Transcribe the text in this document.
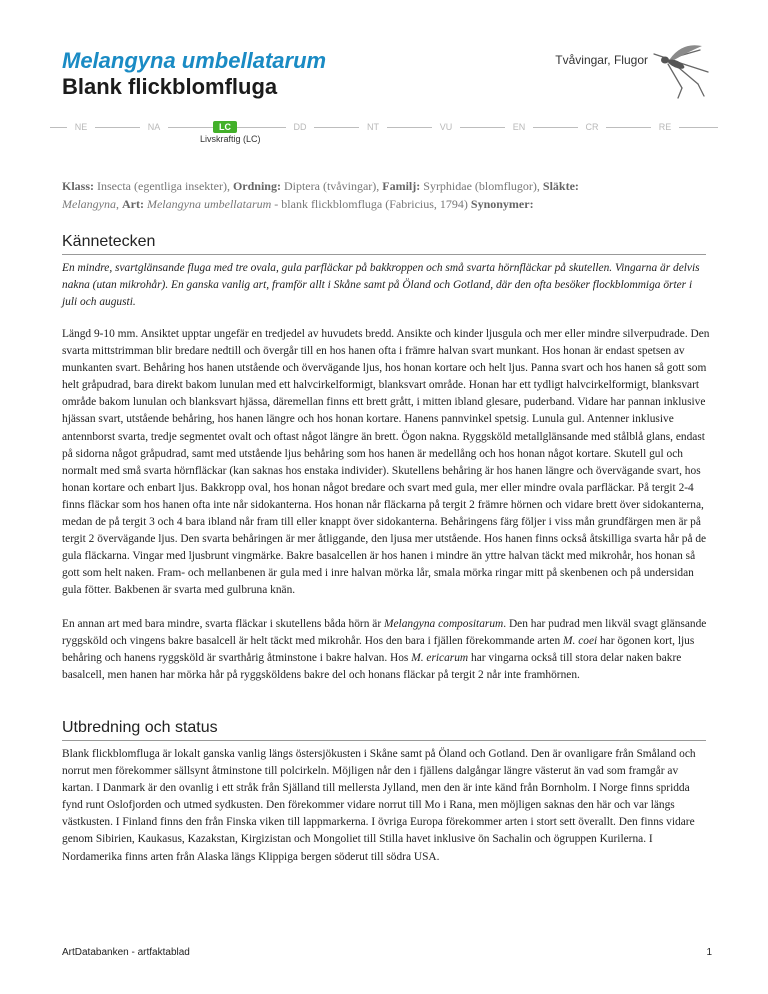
Melangyna umbellatarum
Blank flickblomfluga
Tvåvingar, Flugor
NE	NA	LC	DD	NT	VU	EN	CR	RE
Livskraftig (LC)
Klass: Insecta (egentliga insekter), Ordning: Diptera (tvåvingar), Familj: Syrphidae (blomflugor), Släkte:
Melangyna, Art: Melangyna umbellatarum - blank flickblomfluga (Fabricius, 1794) Synonymer:
Kännetecken
En mindre, svartglänsande fluga med tre ovala, gula parfläckar på bakkroppen och små svarta hörnfläckar på skutellen. Vingarna är delvis nakna (utan mikrohår). En ganska vanlig art, framför allt i Skåne samt på Öland och Gotland, där den ofta besöker flockblommiga örter i juli och augusti.
Längd 9-10 mm. Ansiktet upptar ungefär en tredjedel av huvudets bredd. Ansikte och kinder ljusgula och mer eller mindre silverpudrade. Den svarta mittstrimman blir bredare nedtill och övergår till en hos hanen ofta i främre halvan svart munkant. Hos honan är endast spetsen av munkanten svart. Behåring hos hanen utstående och övervägande ljus, hos honan kortare och helt ljus. Panna svart och hos hanen så gott som helt gråpudrad, bara direkt bakom lunulan med ett halvcirkelformigt, blanksvart område. Honan har ett tydligt halvcirkelformigt, blanksvart område bakom lunulan och blanksvart hjässa, däremellan finns ett brett grått, i mitten ibland glesare, puderband. Vidare har pannan inklusive hjässan svart, utstående behåring, hos hanen längre och hos honan kortare. Hanens pannvinkel spetsig. Lunula gul. Antenner inklusive antennborst svarta, tredje segmentet ovalt och oftast något längre än brett. Ögon nakna. Ryggsköld metallglänsande med stålblå glans, endast på sidorna något gråpudrad, samt med utstående ljus behåring som hos hanen är medellång och hos honan något kortare. Skutell gul och normalt med små svarta hörnfläckar (kan saknas hos enstaka individer). Skutellens behåring är hos hanen längre och övervägande svart, hos honan kortare och enbart ljus. Bakkropp oval, hos honan något bredare och svart med gula, mer eller mindre ovala parfläckar. På tergit 2-4 finns fläckar som hos hanen ofta inte når sidokanterna. Hos honan når fläckarna på tergit 2 främre hörnen och vidare brett över sidokanterna, medan de på tergit 3 och 4 bara ibland når fram till eller knappt över sidokanterna. Behåringens färg följer i viss mån grundfärgen men är på tergit 2 övervägande ljus. Den svarta behåringen är mer åtliggande, den ljusa mer utstående. Hos hanen finns också åtskilliga svarta hår på de gula fläckarna. Vingar med ljusbrunt vingmärke. Bakre basalcellen är hos hanen i mindre än yttre halvan täckt med mikrohår, hos honan så gott som helt naken. Fram- och mellanbenen är gula med i inre halvan mörka lår, smala mörka ringar mitt på skenbenen och på undersidan gula fötter. Bakbenen är svarta med gulbruna knän.
En annan art med bara mindre, svarta fläckar i skutellens båda hörn är Melangyna compositarum. Den har pudrad men likväl svagt glänsande ryggsköld och vingens bakre basalcell är helt täckt med mikrohår. Hos den bara i fjällen förekommande arten M. coei har ögonen kort, ljus behåring och hanens ryggsköld är svarthårig åtminstone i bakre halvan. Hos M. ericarum har vingarna också till stora delar naken bakre basalcell, men hanen har mörka hår på ryggsköldens bakre del och honans fläckar på tergit 2 når inte framhörnen.
Utbredning och status
Blank flickblomfluga är lokalt ganska vanlig längs östersjökusten i Skåne samt på Öland och Gotland. Den är ovanligare från Småland och norrut men förekommer sällsynt åtminstone till polcirkeln. Möjligen når den i fjällens dalgångar längre västerut än vad som framgår av kartan. I Danmark är den ovanlig i ett stråk från Själland till mellersta Jylland, men den är inte känd från Bornholm. I Norge finns spridda fynd runt Oslofjorden och utmed sydkusten. Den förekommer vidare norrut till Mo i Rana, men möjligen saknas den här och var längs västkusten. I Finland finns den från Finska viken till lappmarkerna. I övriga Europa förekommer arten i stort sett överallt. Den finns vidare genom Sibirien, Kaukasus, Kazakstan, Kirgizistan och Mongoliet till Stilla havet inklusive ön Sachalin och ögruppen Kurilerna. I Nordamerika finns arten från Alaska längs Klippiga bergen söderut till södra USA.
ArtDatabanken - artfaktablad	1
